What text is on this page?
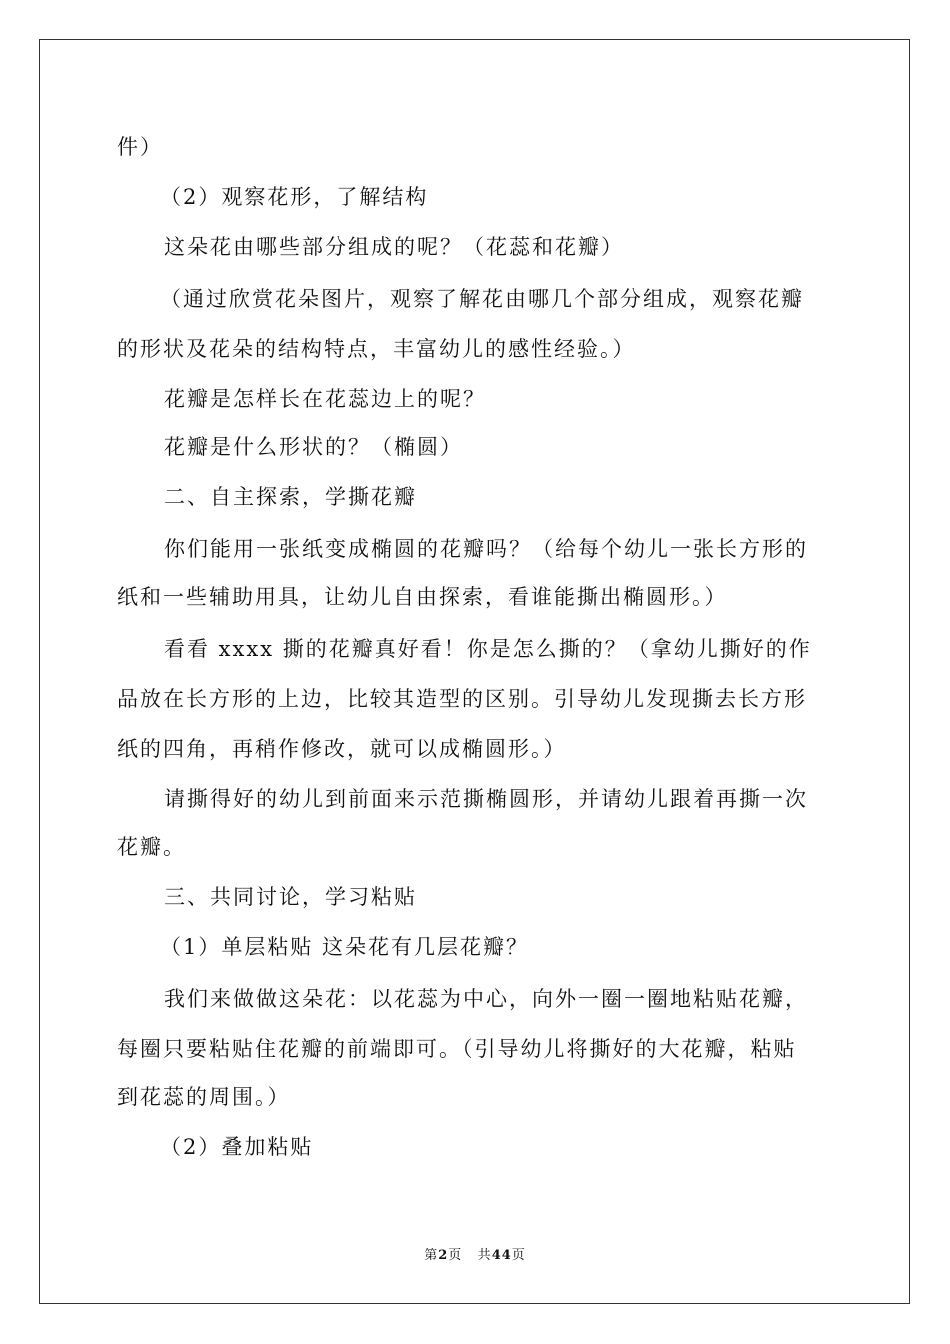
件）
（2）观察花形，了解结构
这朵花由哪些部分组成的呢？（花蕊和花瓣）
（通过欣赏花朵图片，观察了解花由哪几个部分组成，观察花瓣
的形状及花朵的结构特点，丰富幼儿的感性经验。）
花瓣是怎样长在花蕊边上的呢？
花瓣是什么形状的？（椭圆）
二、自主探索，学撕花瓣
你们能用一张纸变成椭圆的花瓣吗？（给每个幼儿一张长方形的
纸和一些辅助用具，让幼儿自由探索，看谁能撕出椭圆形。）
看看 xxxx 撕的花瓣真好看！你是怎么撕的？（拿幼儿撕好的作
品放在长方形的上边，比较其造型的区别。引导幼儿发现撕去长方形
纸的四角，再稍作修改，就可以成椭圆形。）
请撕得好的幼儿到前面来示范撕椭圆形，并请幼儿跟着再撕一次
花瓣。
三、共同讨论，学习粘贴
（1）单层粘贴 这朵花有几层花瓣？
我们来做做这朵花：以花蕊为中心，向外一圈一圈地粘贴花瓣，
每圈只要粘贴住花瓣的前端即可。（引导幼儿将撕好的大花瓣，粘贴
到花蕊的周围。）
（2）叠加粘贴
第2页 共44页
